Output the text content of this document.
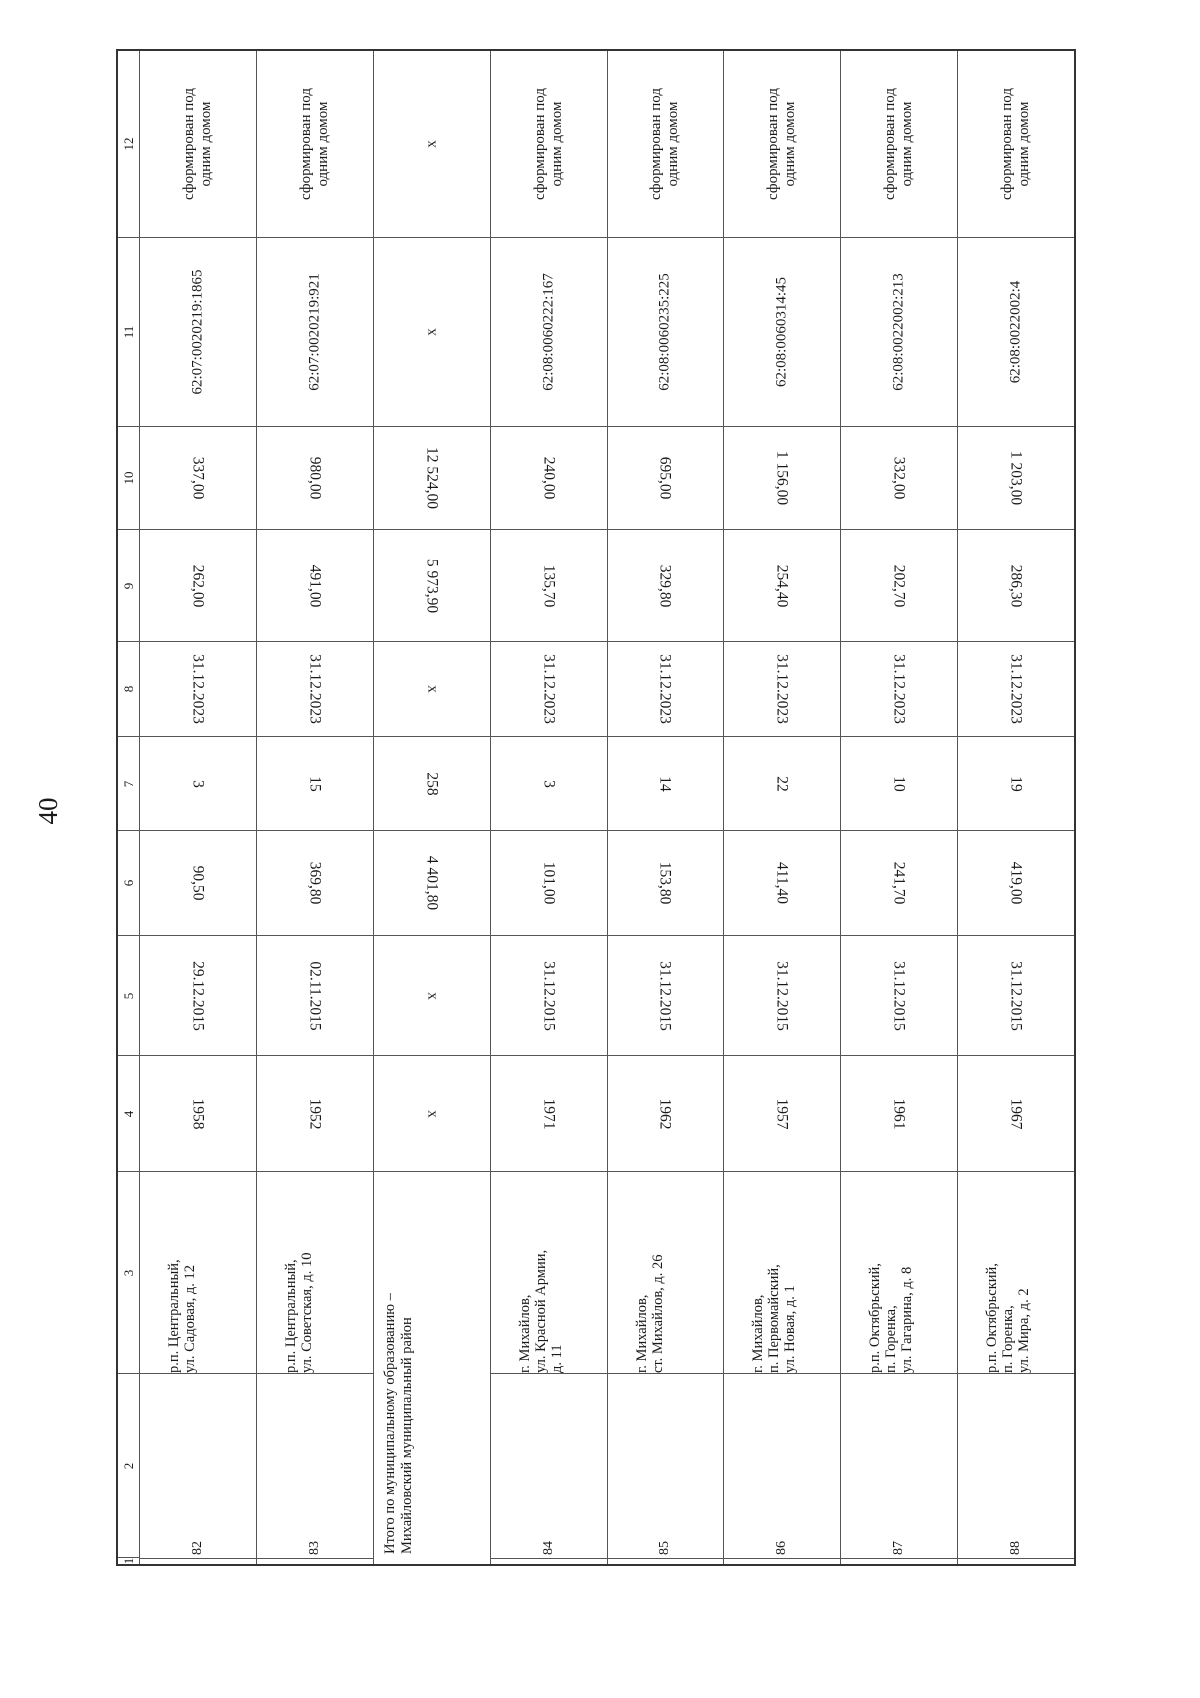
40
12
11
10
9
8
7
6
5
4
3
2
1
сформирован под одним домом
62:07:0020219:1865
337,00
262,00
31.12.2023
3
90,50
29.12.2015
1958
р.п. Центральный, ул. Садовая, д. 12
82
сформирован под одним домом
62:07:0020219:921
980,00
491,00
31.12.2023
15
369,80
02.11.2015
1952
р.п. Центральный, ул. Советская, д. 10
83
x
x
12 524,00
5 973,90
x
258
4 401,80
x
x
Итого по муниципальному образованию – Михайловский муниципальный район
сформирован под одним домом
62:08:0060222:167
240,00
135,70
31.12.2023
3
101,00
31.12.2015
1971
г. Михайлов, ул. Красной Армии, д. 11
84
сформирован под одним домом
62:08:0060235:225
695,00
329,80
31.12.2023
14
153,80
31.12.2015
1962
г. Михайлов, ст. Михайлов, д. 26
85
сформирован под одним домом
62:08:0060314:45
1 156,00
254,40
31.12.2023
22
411,40
31.12.2015
1957
г. Михайлов, п. Первомайский, ул. Новая, д. 1
86
сформирован под одним домом
62:08:0022002:213
332,00
202,70
31.12.2023
10
241,70
31.12.2015
1961
р.п. Октябрьский, п. Горенка, ул. Гагарина, д. 8
87
сформирован под одним домом
62:08:0022002:4
1 203,00
286,30
31.12.2023
19
419,00
31.12.2015
1967
р.п. Октябрьский, п. Горенка, ул. Мира, д. 2
88
